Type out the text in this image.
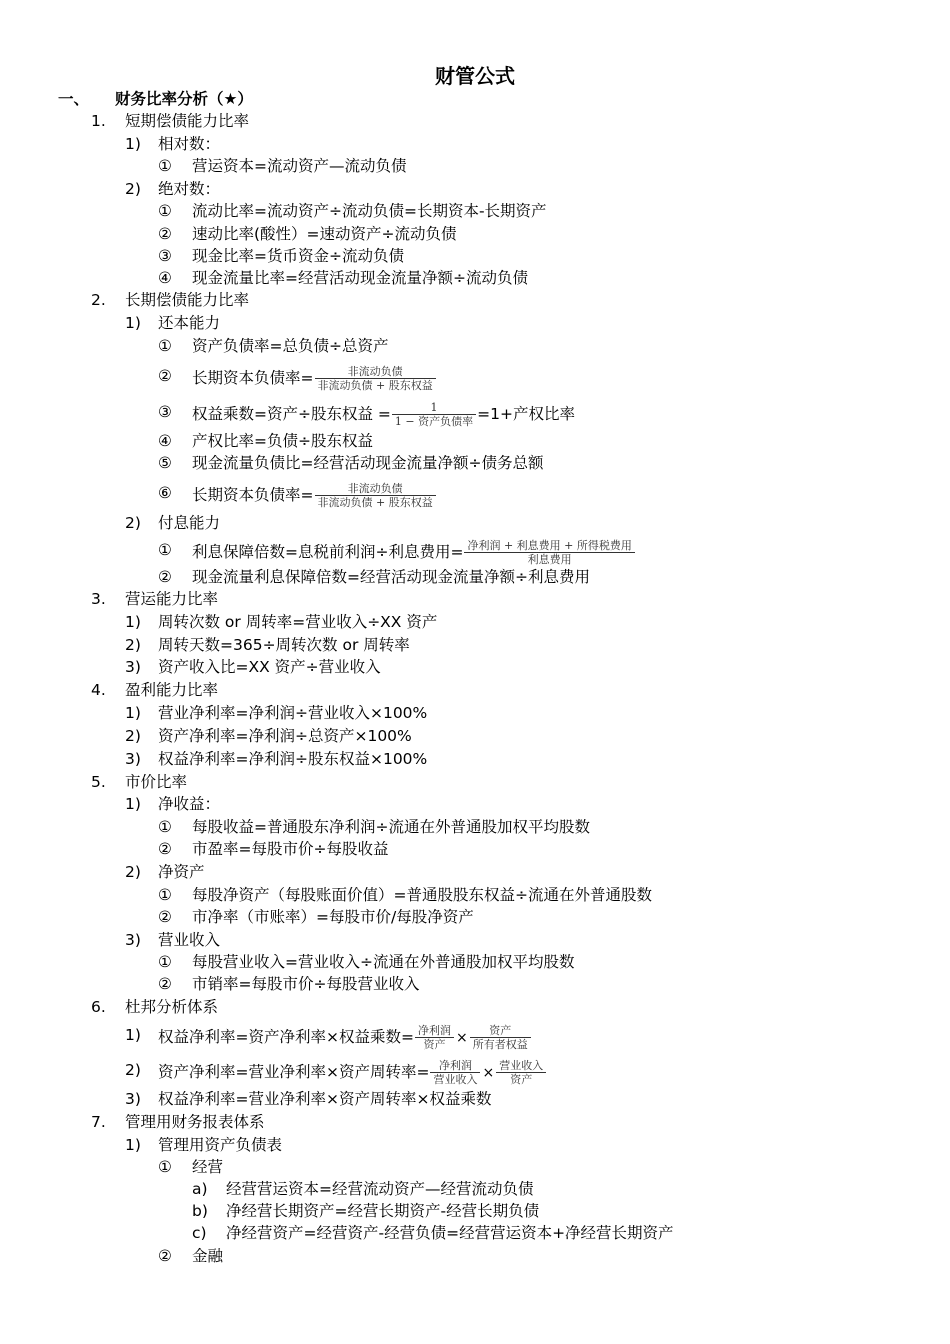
财管公式
一、 财务比率分析（★）
1. 短期偿债能力比率
1) 相对数：
① 营运资本=流动资产—流动负债
2) 绝对数：
① 流动比率=流动资产÷流动负债=长期资本-长期资产
② 速动比率(酸性）=速动资产÷流动负债
③ 现金比率=货币资金÷流动负债
④ 现金流量比率=经营活动现金流量净额÷流动负债
2. 长期偿债能力比率
1) 还本能力
① 资产负债率=总负债÷总资产
② 长期资本负债率= $\frac{\text{非流动负债}}{\text{非流动负债 + 股东权益}}$
③ 权益乘数=资产÷股东权益 = $\frac{1}{\text{1 − 资产负债率}} =1+$产权比率
④ 产权比率=负债÷股东权益
⑤ 现金流量负债比=经营活动现金流量净额÷债务总额
⑥ 长期资本负债率= $\frac{\text{非流动负债}}{\text{非流动负债 + 股东权益}}$
2) 付息能力
① 利息保障倍数=息税前利润÷利息费用= $\frac{\text{净利润 + 利息费用 + 所得税费用}}{\text{利息费用}}$
② 现金流量利息保障倍数=经营活动现金流量净额÷利息费用
3. 营运能力比率
1) 周转次数 or 周转率=营业收入÷XX 资产
2) 周转天数=365÷周转次数 or 周转率
3) 资产收入比=XX 资产÷营业收入
4. 盈利能力比率
1) 营业净利率=净利润÷营业收入×100%
2) 资产净利率=净利润÷总资产×100%
3) 权益净利率=净利润÷股东权益×100%
5. 市价比率
1) 净收益：
① 每股收益=普通股东净利润÷流通在外普通股加权平均股数
② 市盈率=每股市价÷每股收益
2) 净资产
① 每股净资产（每股账面价值）=普通股股东权益÷流通在外普通股数
② 市净率（市账率）=每股市价/每股净资产
3) 营业收入
① 每股营业收入=营业收入÷流通在外普通股加权平均股数
② 市销率=每股市价÷每股营业收入
6. 杜邦分析体系
1) 权益净利率=资产净利率×权益乘数= $\frac{\text{净利润}}{\text{资产}} \times \frac{\text{资产}}{\text{所有者权益}}$
2) 资产净利率=营业净利率×资产周转率= $\frac{\text{净利润}}{\text{营业收入}} \times \frac{\text{营业收入}}{\text{资产}}$
3) 权益净利率=营业净利率×资产周转率×权益乘数
7. 管理用财务报表体系
1) 管理用资产负债表
① 经营
a) 经营营运资本=经营流动资产—经营流动负债
b) 净经营长期资产=经营长期资产-经营长期负债
c) 净经营资产=经营资产-经营负债=经营营运资本+净经营长期资产
② 金融
